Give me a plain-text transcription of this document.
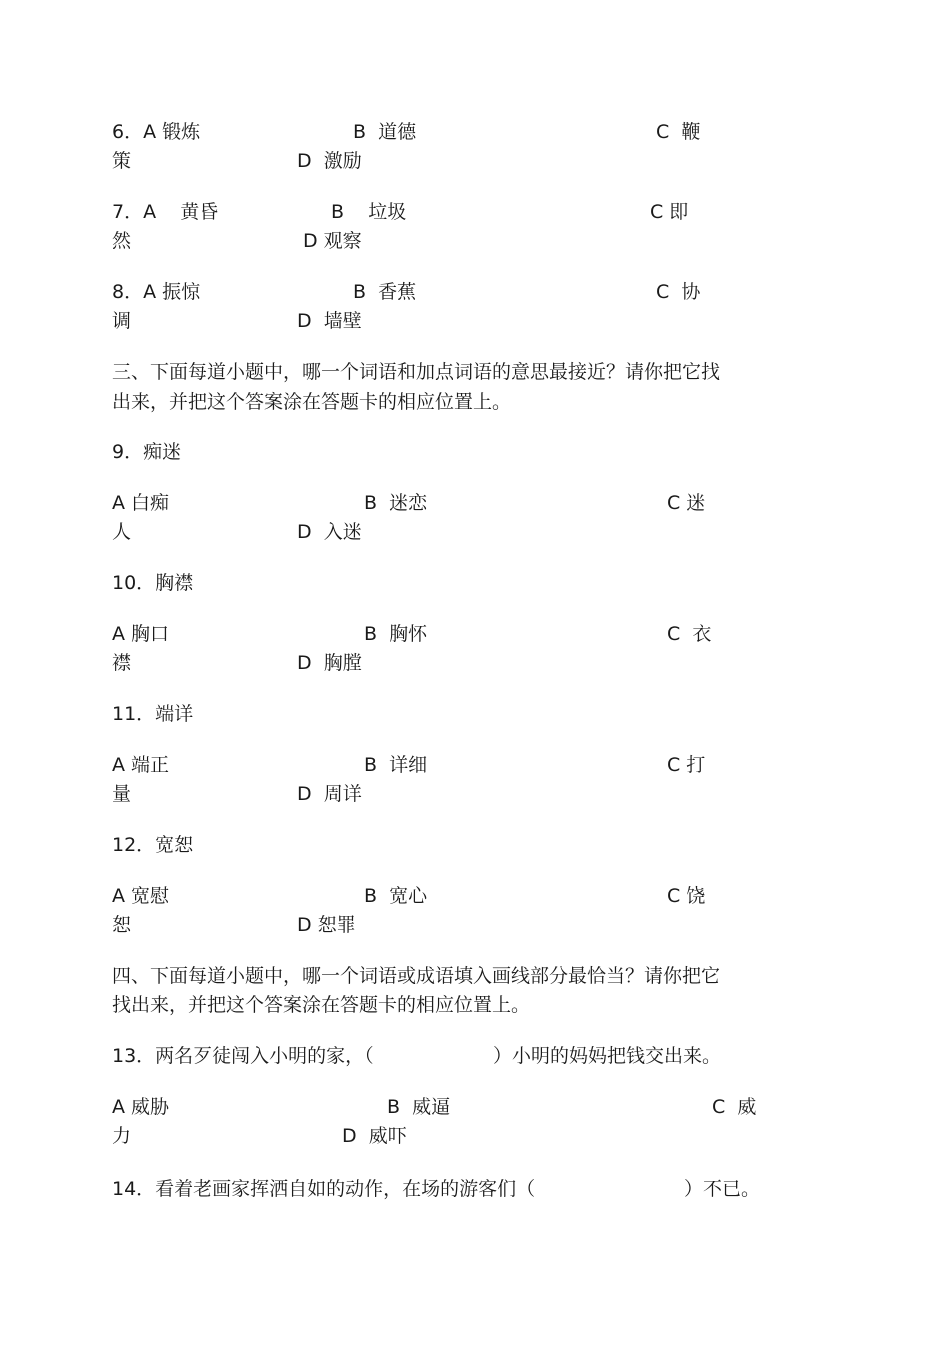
6．A 锻炼	B  道德	C  鞭
策	D  激励
7．A    黄昏	B    垃圾	C 即
然	D 观察
8．A 振惊	B  香蕉	C  协
调	D  墙壁
三、下面每道小题中，哪一个词语和加点词语的意思最接近？请你把它找
出来，并把这个答案涂在答题卡的相应位置上。
9．痴迷
A 白痴	B  迷恋	C 迷
人	D  入迷
10．胸襟
A 胸口	B  胸怀	C  衣
襟	D  胸膛
11．端详
A 端正	B  详细	C 打
量	D  周详
12．宽恕
A 宽慰	B  宽心	C 饶
恕	D 恕罪
四、下面每道小题中，哪一个词语或成语填入画线部分最恰当？请你把它
找出来，并把这个答案涂在答题卡的相应位置上。
13．两名歹徒闯入小明的家，（	）小明的妈妈把钱交出来。
A 威胁	B  威逼	C  威
力	D  威吓
14．看着老画家挥洒自如的动作，在场的游客们（	）不已。
